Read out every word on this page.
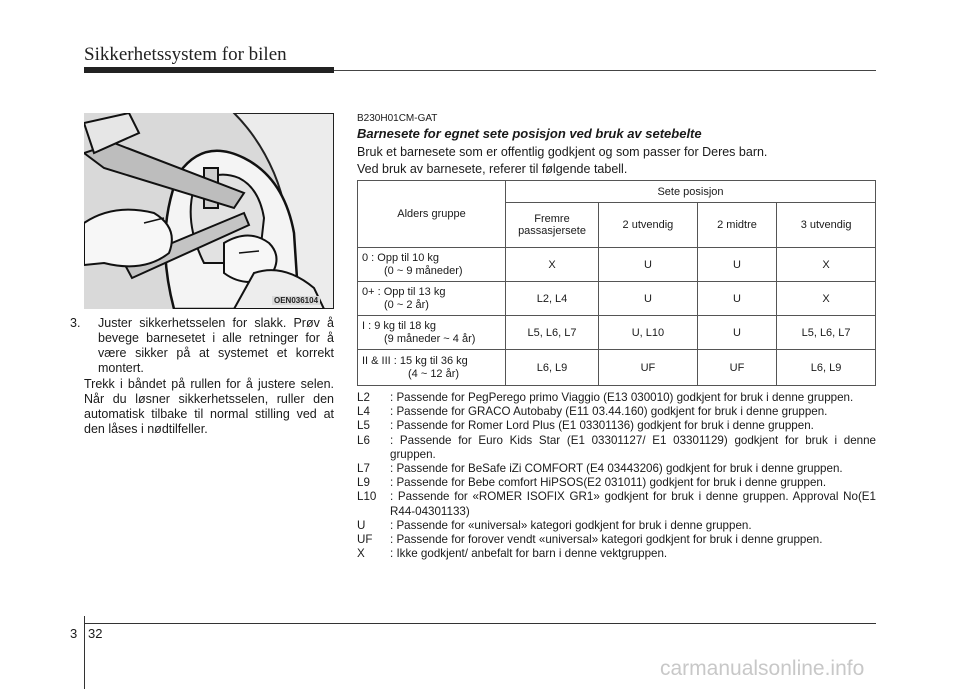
Sikkerhetssystem for bilen
OEN036104
3. Juster sikkerhetsselen for slakk. Prøv å bevege barnesetet i alle retninger for å være sikker på at systemet et korrekt montert.
Trekk i båndet på rullen for å justere selen. Når du løsner sikkerhetsselen, ruller den automatisk tilbake til normal stilling ved at den låses i nødtilfeller.
B230H01CM-GAT
Barnesete for egnet sete posisjon ved bruk av setebelte
Bruk et barnesete som er offentlig godkjent og som passer for Deres barn.
Ved bruk av barnesete, referer til følgende tabell.
Alders gruppe	Sete posisjon			
	Fremre passasjersete	2 utvendig	2 midtre	3 utvendig
0 : Opp til 10 kg
(0 ~ 9 måneder)	X	U	U	X
0+ : Opp til 13 kg
(0 ~ 2 år)	L2, L4	U	U	X
I : 9 kg til 18 kg
(9 måneder ~ 4 år)	L5, L6, L7	U, L10	U	L5, L6, L7
II & III : 15 kg til 36 kg
(4 ~ 12 år)	L6, L9	UF	UF	L6, L9
L2	: Passende for PegPerego primo Viaggio (E13 030010) godkjent for bruk i denne gruppen.
L4	: Passende for GRACO Autobaby (E11 03.44.160) godkjent for bruk i denne gruppen.
L5	: Passende for Romer Lord Plus (E1 03301136) godkjent for bruk i denne gruppen.
L6	: Passende for Euro Kids Star (E1 03301127/ E1 03301129) godkjent for bruk i denne gruppen.
L7	: Passende for BeSafe iZi COMFORT (E4 03443206) godkjent for bruk i denne gruppen.
L9	: Passende for Bebe comfort HiPSOS(E2 031011) godkjent for bruk i denne gruppen.
L10	: Passende for «ROMER ISOFIX GR1» godkjent for bruk i denne gruppen. Approval No(E1 R44-04301133)
U	: Passende for «universal» kategori godkjent for bruk i denne gruppen.
UF	: Passende for forover vendt «universal» kategori godkjent for bruk i denne gruppen.
X	: Ikke godkjent/ anbefalt for barn i denne vektgruppen.
3 32
carmanualsonline.info
